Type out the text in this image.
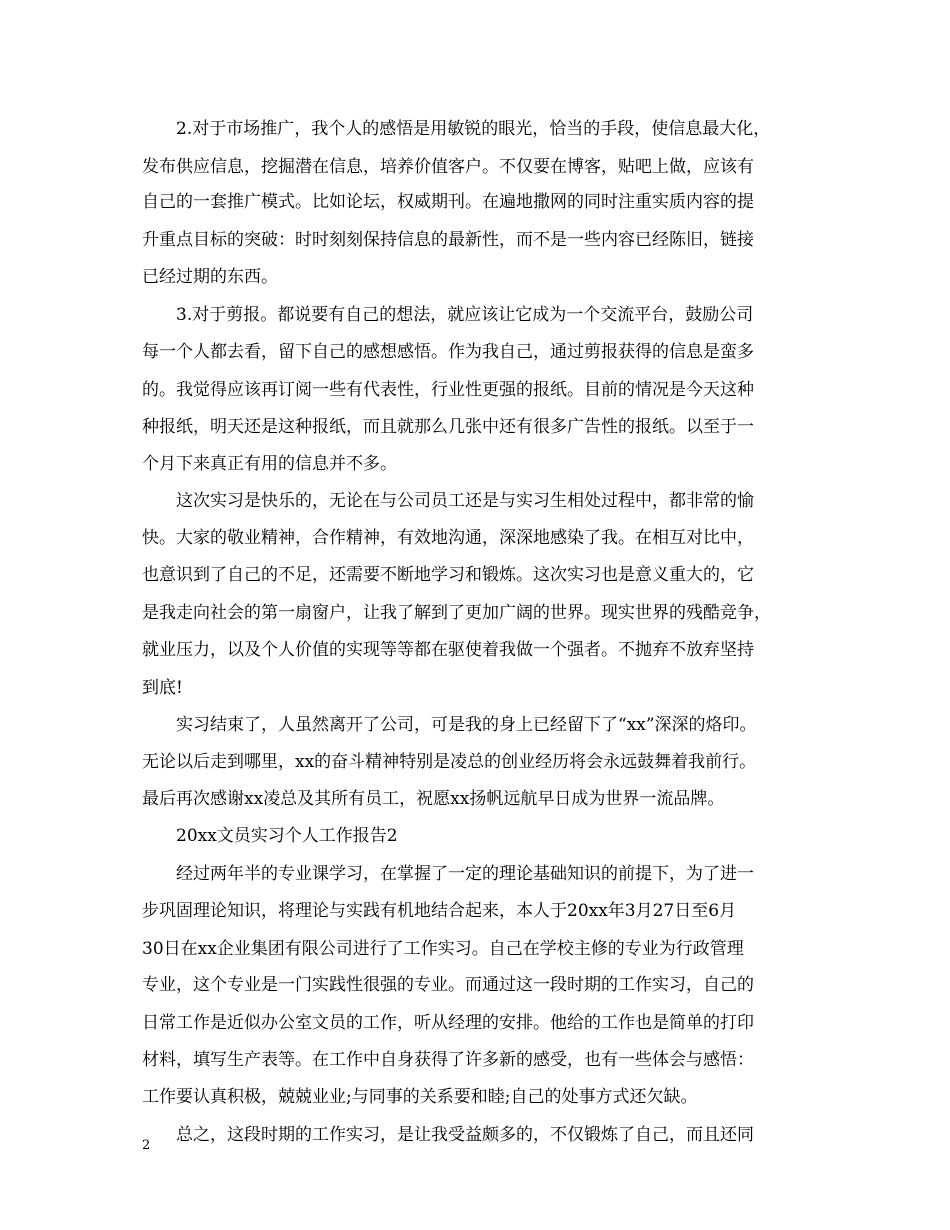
2.对于市场推广，我个人的感悟是用敏锐的眼光，恰当的手段，使信息最大化，
发布供应信息，挖掘潜在信息，培养价值客户。不仅要在博客，贴吧上做，应该有
自己的一套推广模式。比如论坛，权威期刊。在遍地撒网的同时注重实质内容的提
升重点目标的突破：时时刻刻保持信息的最新性，而不是一些内容已经陈旧，链接
已经过期的东西。
3.对于剪报。都说要有自己的想法，就应该让它成为一个交流平台，鼓励公司
每一个人都去看，留下自己的感想感悟。作为我自己，通过剪报获得的信息是蛮多
的。我觉得应该再订阅一些有代表性，行业性更强的报纸。目前的情况是今天这种
种报纸，明天还是这种报纸，而且就那么几张中还有很多广告性的报纸。以至于一
个月下来真正有用的信息并不多。
这次实习是快乐的，无论在与公司员工还是与实习生相处过程中，都非常的愉
快。大家的敬业精神，合作精神，有效地沟通，深深地感染了我。在相互对比中，
也意识到了自己的不足，还需要不断地学习和锻炼。这次实习也是意义重大的，它
是我走向社会的第一扇窗户，让我了解到了更加广阔的世界。现实世界的残酷竞争，
就业压力，以及个人价值的实现等等都在驱使着我做一个强者。不抛弃不放弃坚持
到底!
实习结束了，人虽然离开了公司，可是我的身上已经留下了“xx”深深的烙印。
无论以后走到哪里，xx的奋斗精神特别是凌总的创业经历将会永远鼓舞着我前行。
最后再次感谢xx凌总及其所有员工，祝愿xx扬帆远航早日成为世界一流品牌。
20xx文员实习个人工作报告2
经过两年半的专业课学习，在掌握了一定的理论基础知识的前提下，为了进一
步巩固理论知识，将理论与实践有机地结合起来，本人于20xx年3月27日至6月
30日在xx企业集团有限公司进行了工作实习。自己在学校主修的专业为行政管理
专业，这个专业是一门实践性很强的专业。而通过这一段时期的工作实习，自己的
日常工作是近似办公室文员的工作，听从经理的安排。他给的工作也是简单的打印
材料，填写生产表等。在工作中自身获得了许多新的感受，也有一些体会与感悟：
工作要认真积极，兢兢业业;与同事的关系要和睦;自己的处事方式还欠缺。
总之，这段时期的工作实习，是让我受益颇多的，不仅锻炼了自己，而且还同
2
